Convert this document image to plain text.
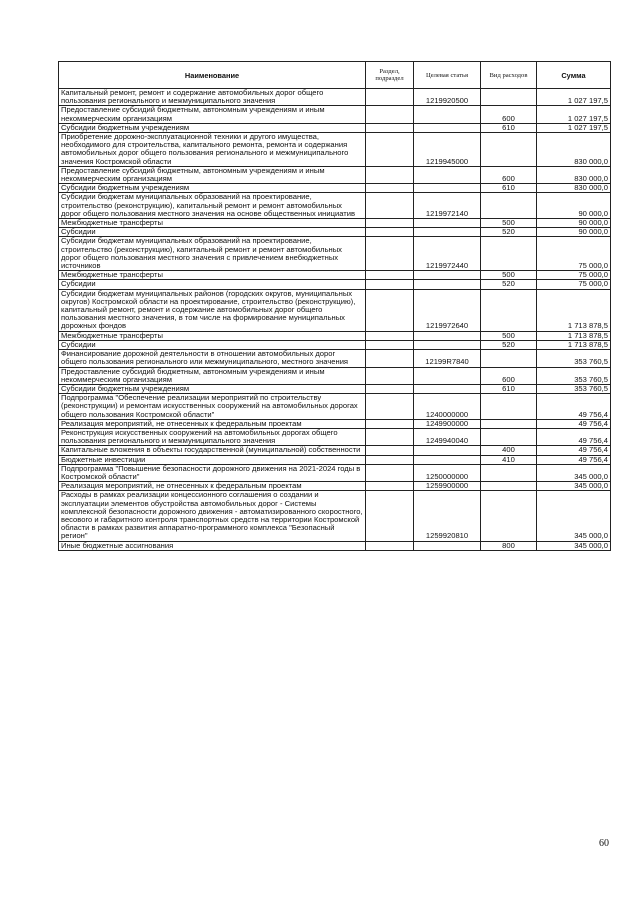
Наименование	Раздел, подраздел	Целевая статья	Вид расходов	Сумма
Капитальный ремонт, ремонт и содержание автомобильных дорог общего пользования регионального и межмуниципального значения		1219920500		1 027 197,5
Предоставление субсидий бюджетным, автономным учреждениям и иным некоммерческим организациям			600	1 027 197,5
Субсидии бюджетным учреждениям			610	1 027 197,5
Приобретение дорожно-эксплуатационной техники и другого имущества, необходимого для строительства, капитального ремонта, ремонта и содержания автомобильных дорог общего пользования регионального и межмуниципального значения Костромской области		1219945000		830 000,0
Предоставление субсидий бюджетным, автономным учреждениям и иным некоммерческим организациям			600	830 000,0
Субсидии бюджетным учреждениям			610	830 000,0
Субсидии бюджетам муниципальных образований на проектирование, строительство (реконструкцию), капитальный ремонт и ремонт автомобильных дорог общего пользования местного значения на основе общественных инициатив		1219972140		90 000,0
Межбюджетные трансферты			500	90 000,0
Субсидии			520	90 000,0
Субсидии бюджетам муниципальных образований на проектирование, строительство (реконструкцию), капитальный ремонт и ремонт автомобильных дорог общего пользования местного значения с привлечением внебюджетных источников		1219972440		75 000,0
Межбюджетные трансферты			500	75 000,0
Субсидии			520	75 000,0
Субсидии бюджетам муниципальных районов (городских округов, муниципальных округов) Костромской области на проектирование, строительство (реконструкцию), капитальный ремонт, ремонт и содержание автомобильных дорог общего пользования местного значения, в том числе на формирование муниципальных дорожных фондов		1219972640		1 713 878,5
Межбюджетные трансферты			500	1 713 878,5
Субсидии			520	1 713 878,5
Финансирование дорожной деятельности в отношении автомобильных дорог общего пользования регионального или межмуниципального, местного значения		12199R7840		353 760,5
Предоставление субсидий бюджетным, автономным учреждениям и иным некоммерческим организациям			600	353 760,5
Субсидии бюджетным учреждениям			610	353 760,5
Подпрограмма "Обеспечение реализации мероприятий по строительству (реконструкции) и ремонтам искусственных сооружений на автомобильных дорогах общего пользования Костромской области"		1240000000		49 756,4
Реализация мероприятий, не отнесенных к федеральным проектам		1249900000		49 756,4
Реконструкция искусственных сооружений на автомобильных дорогах общего пользования регионального и межмуниципального значения		1249940040		49 756,4
Капитальные вложения в объекты государственной (муниципальной) собственности			400	49 756,4
Бюджетные инвестиции			410	49 756,4
Подпрограмма "Повышение безопасности дорожного движения на 2021-2024 годы в Костромской области"		1250000000		345 000,0
Реализация мероприятий, не отнесенных к федеральным проектам		1259900000		345 000,0
Расходы в рамках реализации концессионного соглашения о создании и эксплуатации элементов обустройства автомобильных дорог - Системы комплексной безопасности дорожного движения - автоматизированного скоростного, весового и габаритного контроля транспортных средств на территории Костромской области в рамках развития аппаратно-программного комплекса "Безопасный регион"		1259920810		345 000,0
Иные бюджетные ассигнования			800	345 000,0
60
